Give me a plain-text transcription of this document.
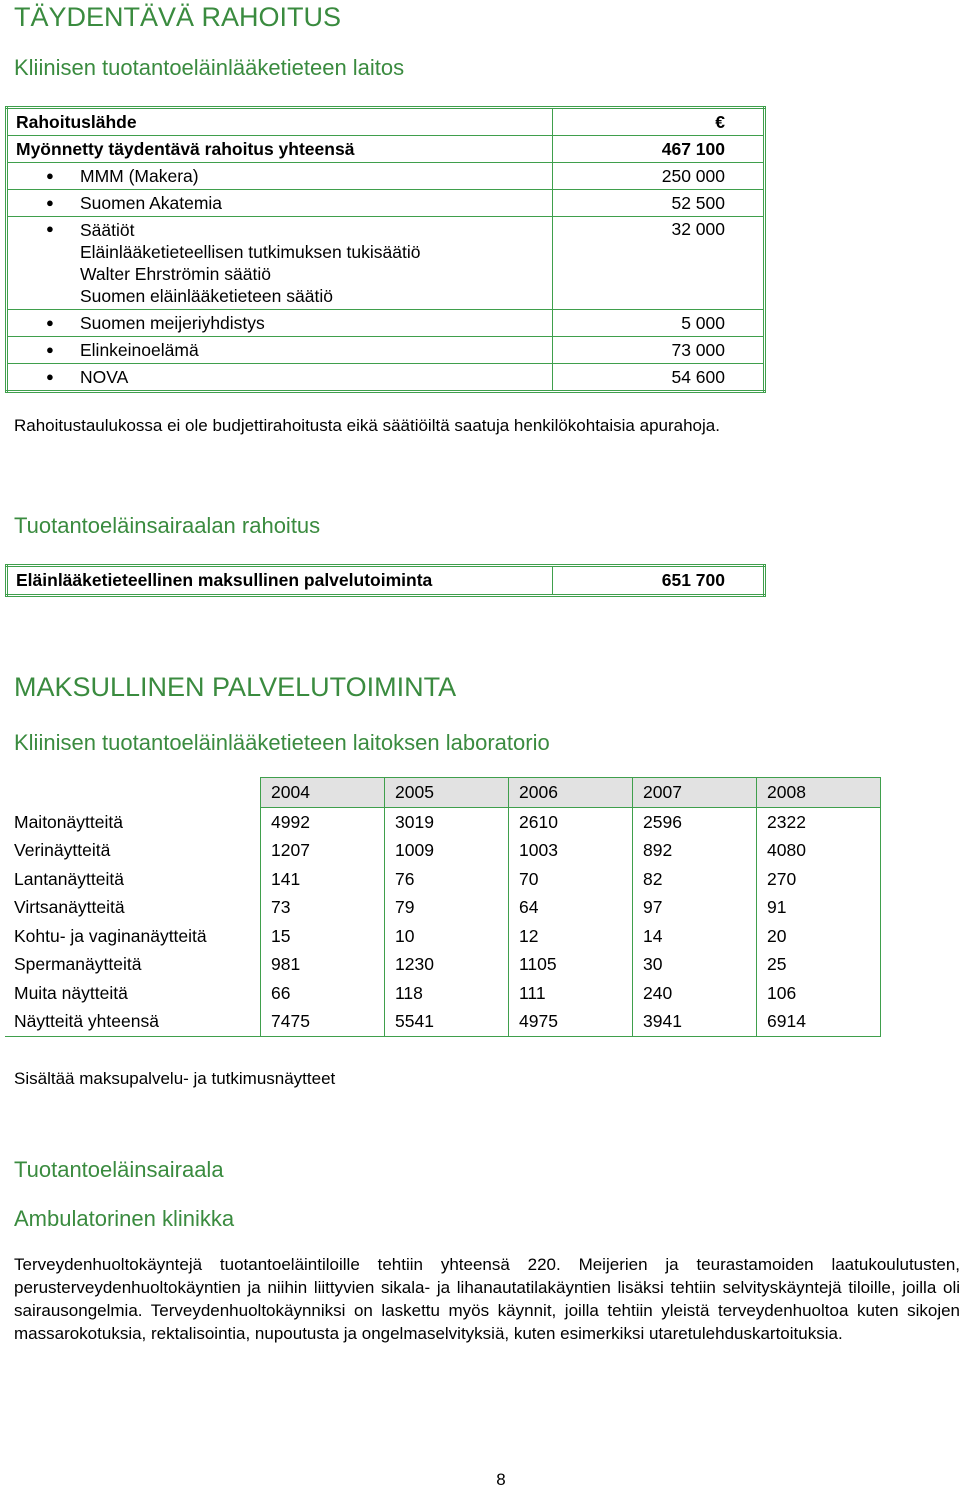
TÄYDENTÄVÄ RAHOITUS
Kliinisen tuotantoeläinlääketieteen laitos
Rahoituslähde	€
Myönnetty täydentävä rahoitus yhteensä	467 100
● MMM (Makera)	250 000
● Suomen Akatemia	52 500
● Säätiöt
Eläinlääketieteellisen tutkimuksen tukisäätiö
Walter Ehrströmin säätiö
Suomen eläinlääketieteen säätiö	32 000
● Suomen meijeriyhdistys	5 000
● Elinkeinoelämä	73 000
● NOVA	54 600

Rahoitustaulukossa ei ole budjettirahoitusta eikä säätiöiltä saatuja henkilökohtaisia apurahoja.

Tuotantoeläinsairaalan rahoitus
Eläinlääketieteellinen maksullinen palvelutoiminta	651 700
MAKSULLINEN PALVELUTOIMINTA
Kliinisen tuotantoeläinlääketieteen laitoksen laboratorio
	2004	2005	2006	2007	2008
Maitonäytteitä	4992	3019	2610	2596	2322
Verinäytteitä	1207	1009	1003	892	4080
Lantanäytteitä	141	76	70	82	270
Virtsanäytteitä	73	79	64	97	91
Kohtu- ja vaginanäytteitä	15	10	12	14	20
Spermanäytteitä	981	1230	1105	30	25
Muita näytteitä	66	118	111	240	106
Näytteitä yhteensä	7475	5541	4975	3941	6914

Sisältää maksupalvelu- ja tutkimusnäytteet

Tuotantoeläinsairaala
Ambulatorinen klinikka

Terveydenhuoltokäyntejä tuotantoeläintiloille tehtiin yhteensä 220. Meijerien ja teurastamoiden laatukoulutusten, perusterveydenhuoltokäyntien ja niihin liittyvien sikala- ja lihanautatilakäyntien lisäksi tehtiin selvityskäyntejä tiloille, joilla oli sairausongelmia. Terveydenhuoltokäynniksi on laskettu myös käynnit, joilla tehtiin yleistä terveydenhuoltoa kuten sikojen massarokotuksia, rektalisointia, nupoutusta ja ongelmaselvityksiä, kuten esimerkiksi utaretulehduskartoituksia.

8
